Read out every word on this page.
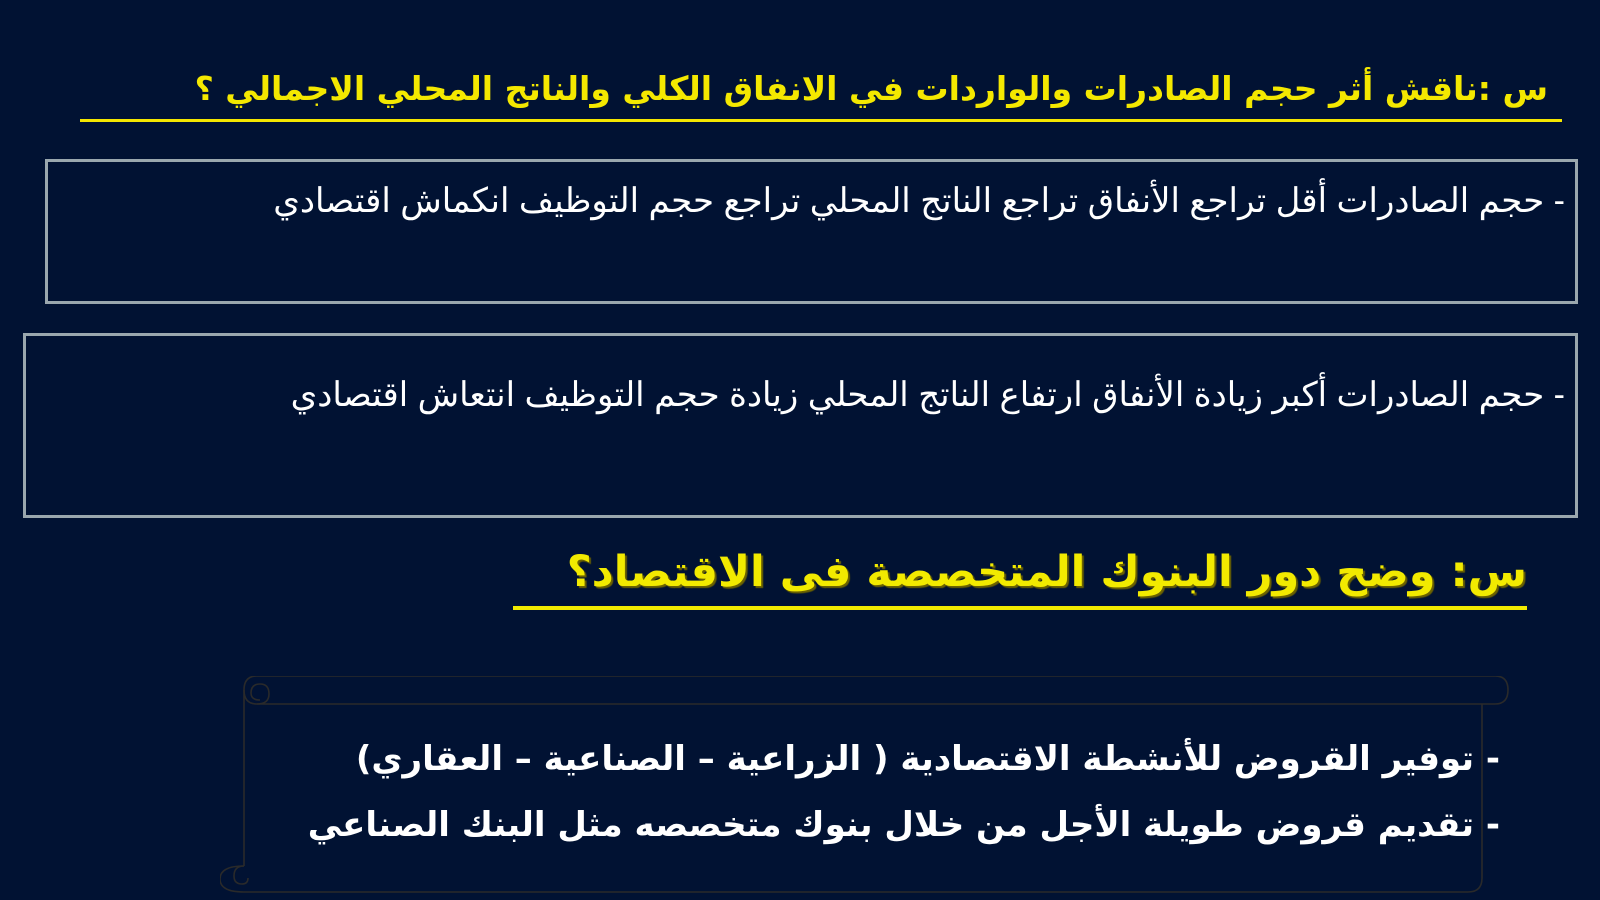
س :ناقش أثر حجم الصادرات والواردات في الانفاق الكلي والناتج المحلي الاجمالي ؟
- حجم الصادرات أقل تراجع الأنفاق تراجع الناتج المحلي تراجع حجم التوظيف انكماش اقتصادي
- حجم الصادرات أكبر زيادة الأنفاق ارتفاع الناتج المحلي زيادة حجم التوظيف انتعاش اقتصادي
س: وضح دور البنوك المتخصصة فى الاقتصاد؟
- توفير القروض للأنشطة الاقتصادية ( الزراعية – الصناعية – العقاري)
- تقديم قروض طويلة الأجل من خلال بنوك متخصصه مثل البنك الصناعي
